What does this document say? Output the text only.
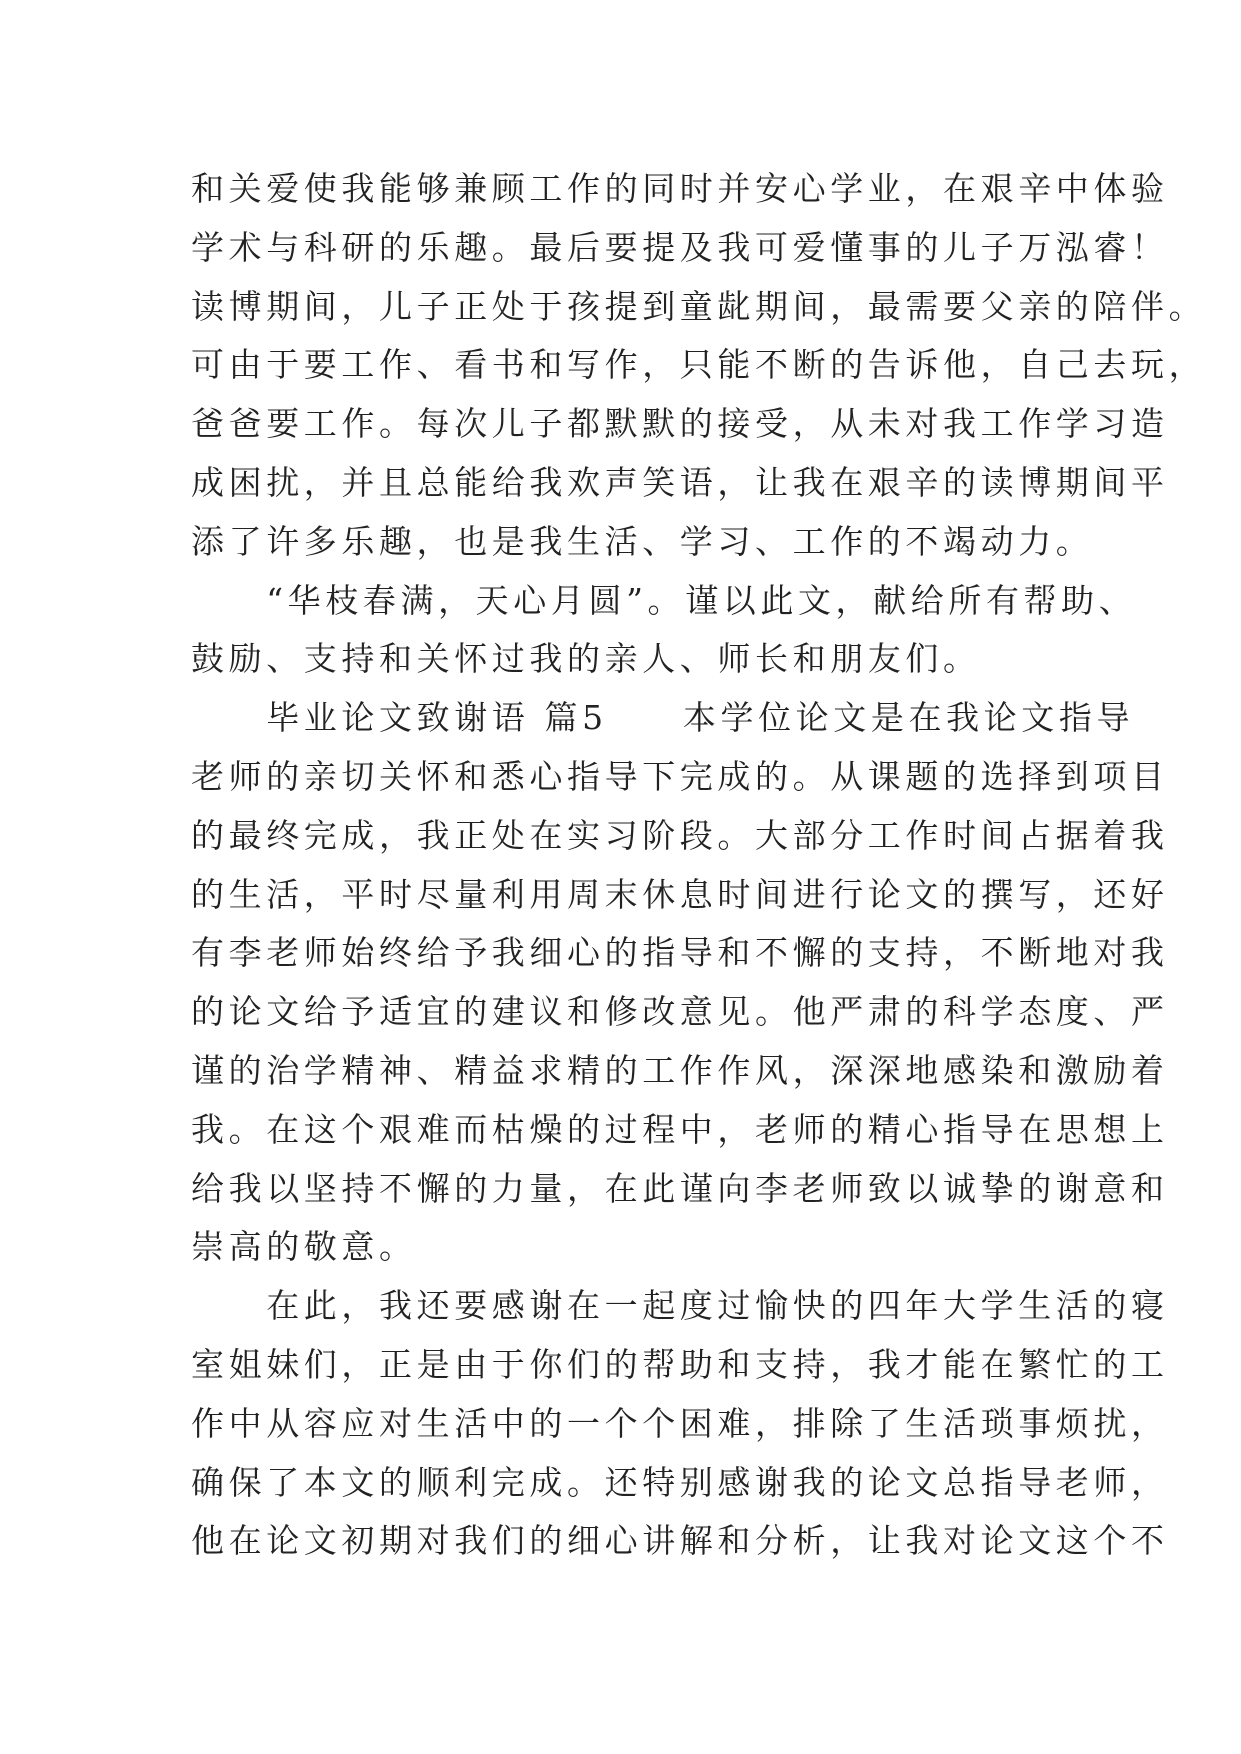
和关爱使我能够兼顾工作的同时并安心学业，在艰辛中体验
学术与科研的乐趣。最后要提及我可爱懂事的儿子万泓睿！
读博期间，儿子正处于孩提到童龀期间，最需要父亲的陪伴。
可由于要工作、看书和写作，只能不断的告诉他，自己去玩，
爸爸要工作。每次儿子都默默的接受，从未对我工作学习造
成困扰，并且总能给我欢声笑语，让我在艰辛的读博期间平
添了许多乐趣，也是我生活、学习、工作的不竭动力。
　　“华枝春满，天心月圆”。谨以此文，献给所有帮助、
鼓励、支持和关怀过我的亲人、师长和朋友们。
　　毕业论文致谢语 篇5　　本学位论文是在我论文指导
老师的亲切关怀和悉心指导下完成的。从课题的选择到项目
的最终完成，我正处在实习阶段。大部分工作时间占据着我
的生活，平时尽量利用周末休息时间进行论文的撰写，还好
有李老师始终给予我细心的指导和不懈的支持，不断地对我
的论文给予适宜的建议和修改意见。他严肃的科学态度、严
谨的治学精神、精益求精的工作作风，深深地感染和激励着
我。在这个艰难而枯燥的过程中，老师的精心指导在思想上
给我以坚持不懈的力量，在此谨向李老师致以诚挚的谢意和
崇高的敬意。
　　在此，我还要感谢在一起度过愉快的四年大学生活的寝
室姐妹们，正是由于你们的帮助和支持，我才能在繁忙的工
作中从容应对生活中的一个个困难，排除了生活琐事烦扰，
确保了本文的顺利完成。还特别感谢我的论文总指导老师，
他在论文初期对我们的细心讲解和分析，让我对论文这个不
